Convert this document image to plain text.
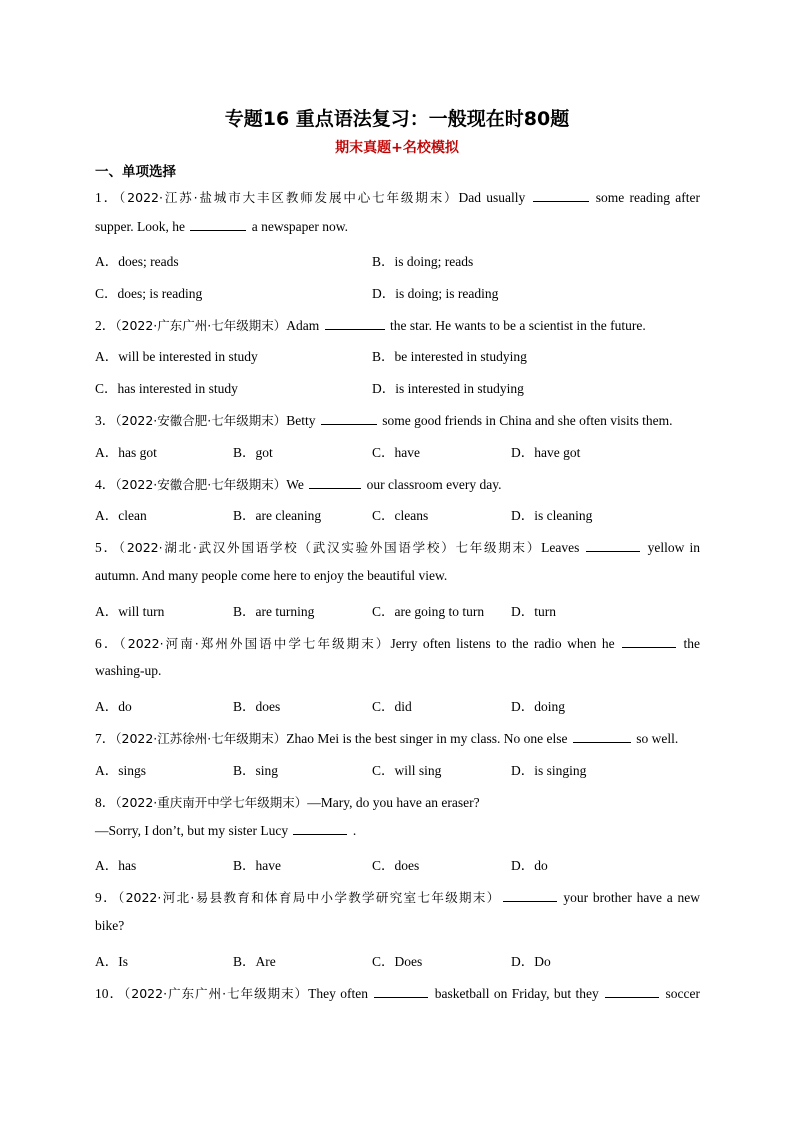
专题16 重点语法复习：一般现在时80题
期末真题+名校模拟
一、单项选择
1．（2022·江苏·盐城市大丰区教师发展中心七年级期末）Dad usually	some reading after
supper. Look, he	a newspaper now.
A．does; reads	B．is doing; reads
C．does; is reading	D．is doing; is reading
2．（2022·广东广州·七年级期末）Adam	the star. He wants to be a scientist in the future.
A．will be interested in study	B．be interested in studying
C．has interested in study	D．is interested in studying
3．（2022·安徽合肥·七年级期末）Betty	some good friends in China and she often visits them.
A．has got	B．got	C．have	D．have got
4．（2022·安徽合肥·七年级期末）We	our classroom every day.
A．clean	B．are cleaning	C．cleans	D．is cleaning
5．（2022·湖北·武汉外国语学校（武汉实验外国语学校）七年级期末）Leaves	yellow in
autumn. And many people come here to enjoy the beautiful view.
A．will turn	B．are turning	C．are going to turn D．turn
6．（2022·河南·郑州外国语中学七年级期末）Jerry often listens to the radio when he	the
washing-up.
A．do	B．does	C．did	D．doing
7．（2022·江苏徐州·七年级期末）Zhao Mei is the best singer in my class. No one else	so well.
A．sings	B．sing	C．will sing	D．is singing
8．（2022·重庆南开中学七年级期末）—Mary, do you have an eraser?
—Sorry, I don’t, but my sister Lucy	.
A．has	B．have	C．does	D．do
9．（2022·河北·易县教育和体育局中小学教学研究室七年级期末）	your brother have a new
bike?
A．Is	B．Are	C．Does	D．Do
10．（2022·广东广州·七年级期末）They often	basketball on Friday, but they	soccer
